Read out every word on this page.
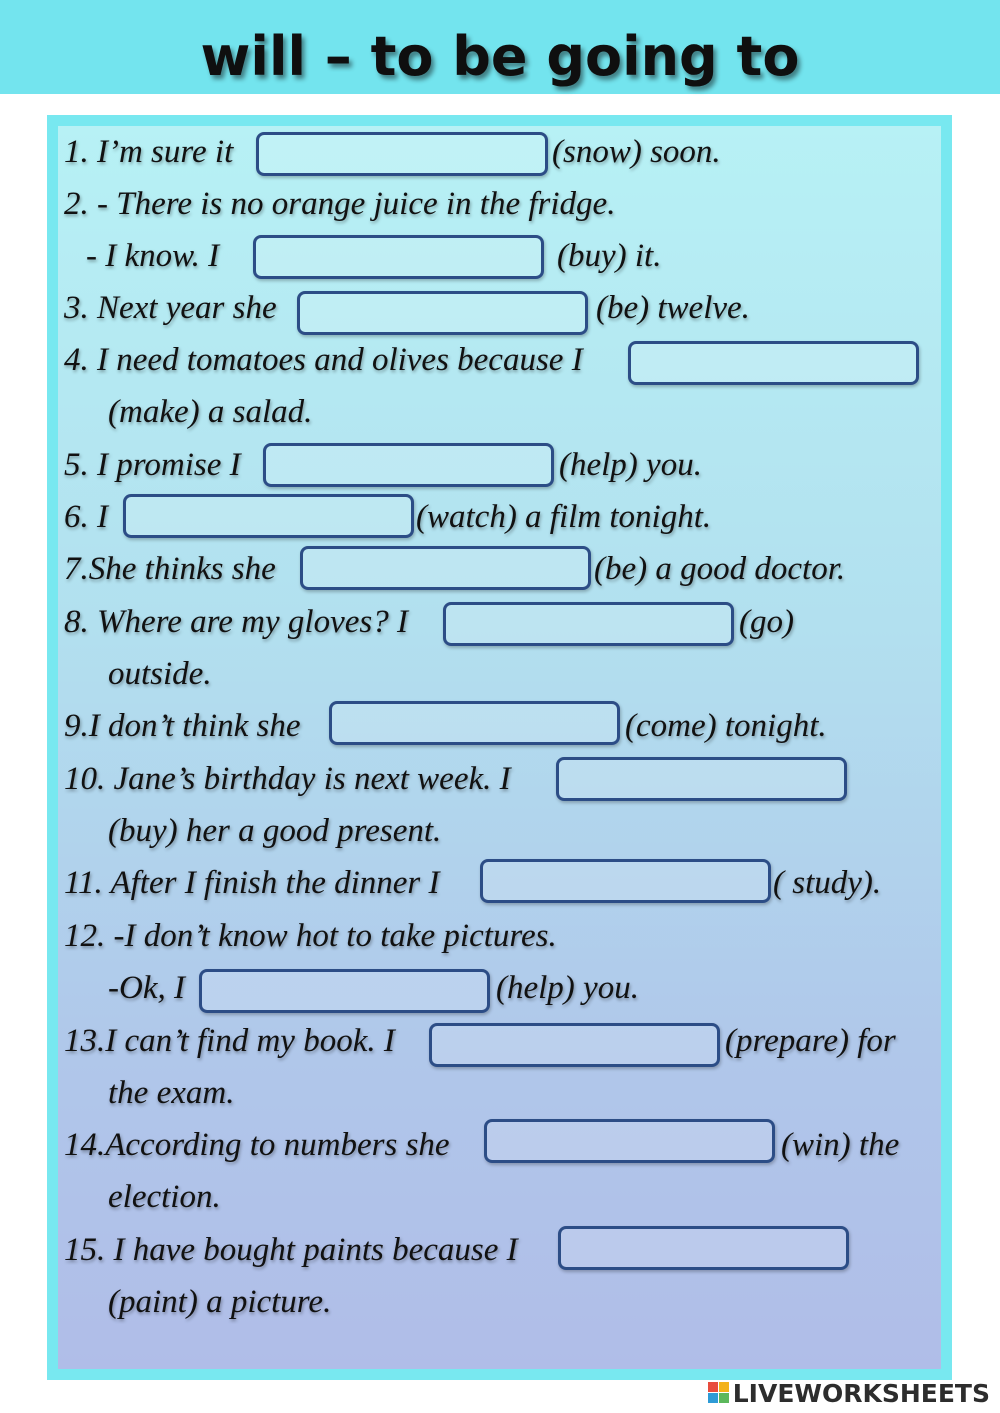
will – to be going to
1. I’m sure it	(snow) soon.
2. - There is no orange juice in the fridge.
- I know. I	(buy) it.
3. Next year she	(be) twelve.
4. I need tomatoes and olives because I
(make) a salad.
5. I promise I	(help) you.
6. I	(watch) a film tonight.
7.She thinks she	(be) a good doctor.
8. Where are my gloves? I	(go)
outside.
9.I don’t think she	(come) tonight.
10. Jane’s birthday is next week. I
(buy) her a good present.
11. After I finish the dinner I	( study).
12. -I don’t know hot to take pictures.
-Ok, I	(help) you.
13.I can’t find my book. I	(prepare) for
the exam.
14.According to numbers she	(win) the
election.
15. I have bought paints because I
(paint) a picture.
LIVEWORKSHEETS
